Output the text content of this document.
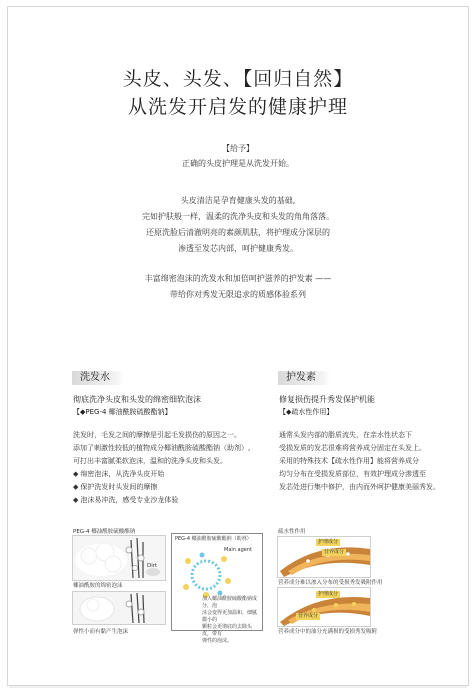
头皮、头发、【回归自然】
从洗发开启发的健康护理
【给予】
正确的头皮护理是从洗发开始。
头皮清洁是孕育健康头发的基础,
完如护肤般一样，温柔的洗净头皮和头发的角角落落。
还原洗脸后清澈明亮的素颜肌肤，将护理成分深层的
渗透至发芯内部，呵护健康秀发。
丰富绵密泡沫的洗发水和加倍呵护滋养的护发素 ——
带给你对秀发无限追求的质感体验系列
洗发水	护发素
彻底洗净头皮和头发的绵密细软泡沫
【◆PEG-4 椰油酰胺硫酸酯钠】
洗发时，毛发之间的摩擦是引起毛发损伤的原因之一。
添加了刺激性较低的植物成分椰油酰胺硫酸酯钠（助剂）,
可打出丰富腻柔软泡沫，温和的洗净头皮和头发。
◆ 绵密泡沫，从洗净头皮开始
◆ 保护洗发时头发间的摩擦
◆ 泡沫易冲洗，感受专业沙龙体验
修复损伤提升秀发保护机能
【◆疏水性作用】
通常头发内部的脂质流失，在亲水性状态下
受损发质的发芯很难将营养成分固定在头发上。
采用的特殊技术【疏水性作用】能将营养成分
均匀分布在受损发质部位，有效护理成分渗透至
发芯处进行集中修护，由内而外呵护健康美丽秀发。
PEG-4 椰油酰胺硫酸酯钠
Dirt
椰油酰胺的绵密泡沫
弹性小而有黏产生泡沫
PEG-4 椰油酰胺硫酸酯钠（助剂）
Main agent
加入椰油酰胺硫酸酯钠成分，泡
沫会变得更加温和，细腻微小的
颗粒会更彻底的去除头皮，带有
弹性的泡沫。
疏水性作用
护理成分
营养成分
营养成分难以渗入分布的受损秀发吸附作用
护理成分
营养成分
营养成分中的油分充满损的受损秀发吸附
